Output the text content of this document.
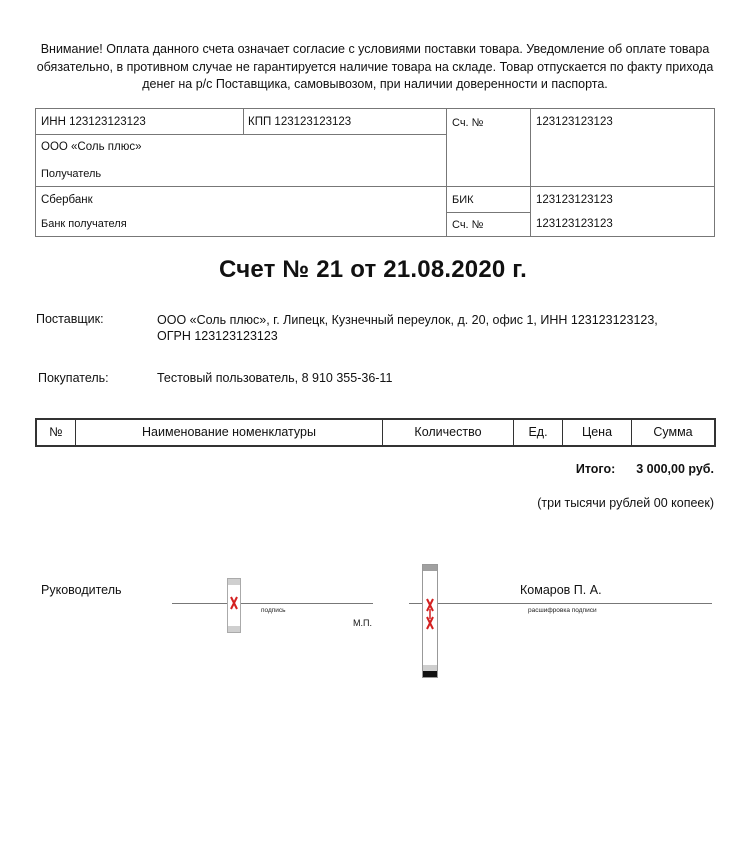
Внимание! Оплата данного счета означает согласие с условиями поставки товара. Уведомление об оплате товара обязательно, в противном случае не гарантируется наличие товара на складе. Товар отпускается по факту прихода денег на р/с Поставщика, самовывозом, при наличии доверенности и паспорта.
ИНН 123123123123	КПП 123123123123	Сч. №	123123123123
ООО «Соль плюс»
Получатель
Сбербанк	БИК	123123123123
Банк получателя	Сч. №	123123123123
Счет № 21 от 21.08.2020 г.
Поставщик:	ООО «Соль плюс», г. Липецк, Кузнечный переулок, д. 20, офис 1, ИНН 123123123123,
ОГРН 123123123123
Покупатель:	Тестовый пользователь, 8 910 355-36-11
№	Наименование номенклатуры	Количество	Ед.	Цена	Сумма
Итого: 3 000,00 руб.
(три тысячи рублей 00 копеек)
Руководитель
подпись
М.П.
Комаров П. А.
расшифровка подписи
